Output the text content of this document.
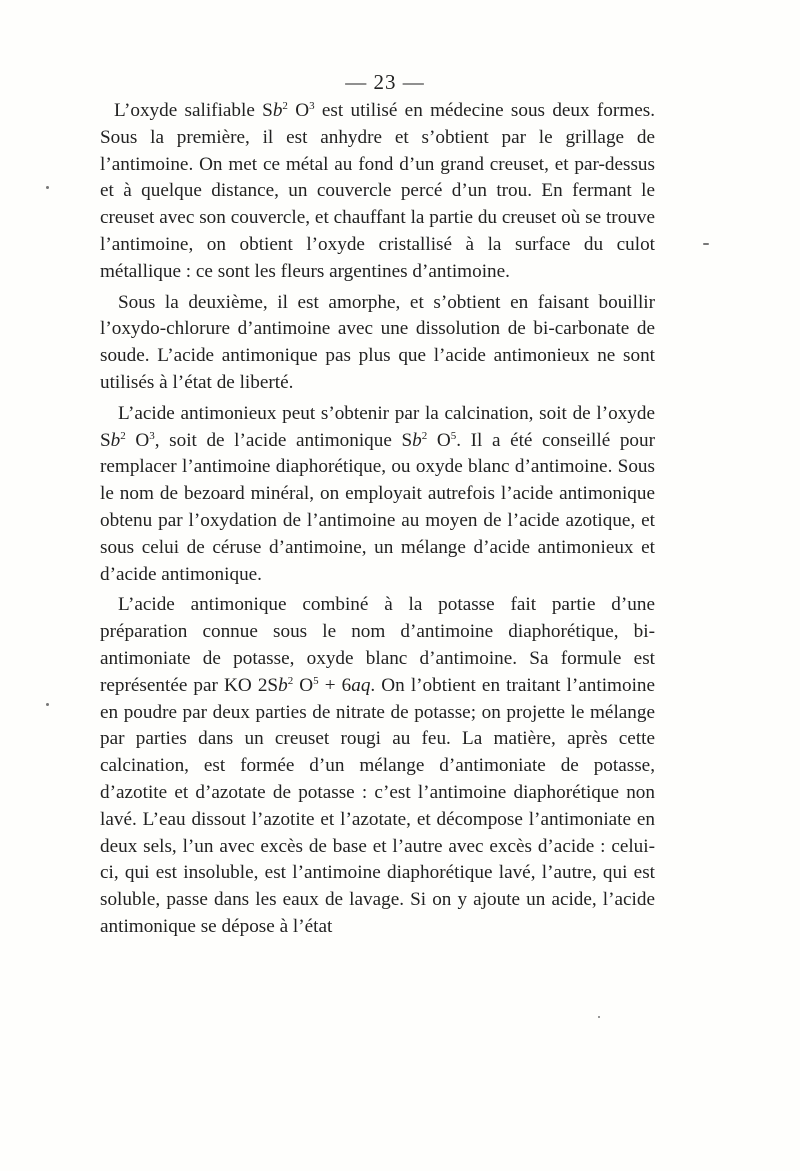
— 23 —

L’oxyde salifiable Sb$^2$ $O^3$ est utilisé en médecine sous deux formes. Sous la première, il est anhydre et s’obtient par le grillage de l’antimoine. On met ce métal au fond d’un grand creuset, et par-dessus et à quelque distance, un couvercle percé d’un trou. En fermant le creuset avec son couvercle, et chauffant la partie du creuset où se trouve l’antimoine, on obtient l’oxyde cristallisé à la surface du culot métallique : ce sont les fleurs argentines d’antimoine.

Sous la deuxième, il est amorphe, et s’obtient en faisant bouillir l’oxydo-chlorure d’antimoine avec une dissolution de bi-carbonate de soude. L’acide antimonique pas plus que l’acide antimonieux ne sont utilisés à l’état de liberté.

L’acide antimonieux peut s’obtenir par la calcination, soit de l’oxyde Sb$^2$ $O^3$, soit de l’acide antimonique Sb$^2$ $O^5$. Il a été conseillé pour remplacer l’antimoine diaphorétique, ou oxyde blanc d’antimoine. Sous le nom de bezoard minéral, on employait autrefois l’acide antimonique obtenu par l’oxydation de l’antimoine au moyen de l’acide azotique, et sous celui de céruse d’antimoine, un mélange d’acide antimonieux et d’acide antimonique.

L’acide antimonique combiné à la potasse fait partie d’une préparation connue sous le nom d’antimoine diaphorétique, bi-antimoniate de potasse, oxyde blanc d’antimoine. Sa formule est représentée par KO 2Sb$^2$ $O^5 + 6aq$. On l’obtient en traitant l’antimoine en poudre par deux parties de nitrate de potasse; on projette le mélange par parties dans un creuset rougi au feu. La matière, après cette calcination, est formée d’un mélange d’antimoniate de potasse, d’azotite et d’azotate de potasse : c’est l’antimoine diaphorétique non lavé. L’eau dissout l’azotite et l’azotate, et décompose l’antimoniate en deux sels, l’un avec excès de base et l’autre avec excès d’acide : celui-ci, qui est insoluble, est l’antimoine diaphorétique lavé, l’autre, qui est soluble, passe dans les eaux de lavage. Si on y ajoute un acide, l’acide antimonique se dépose à l’état
